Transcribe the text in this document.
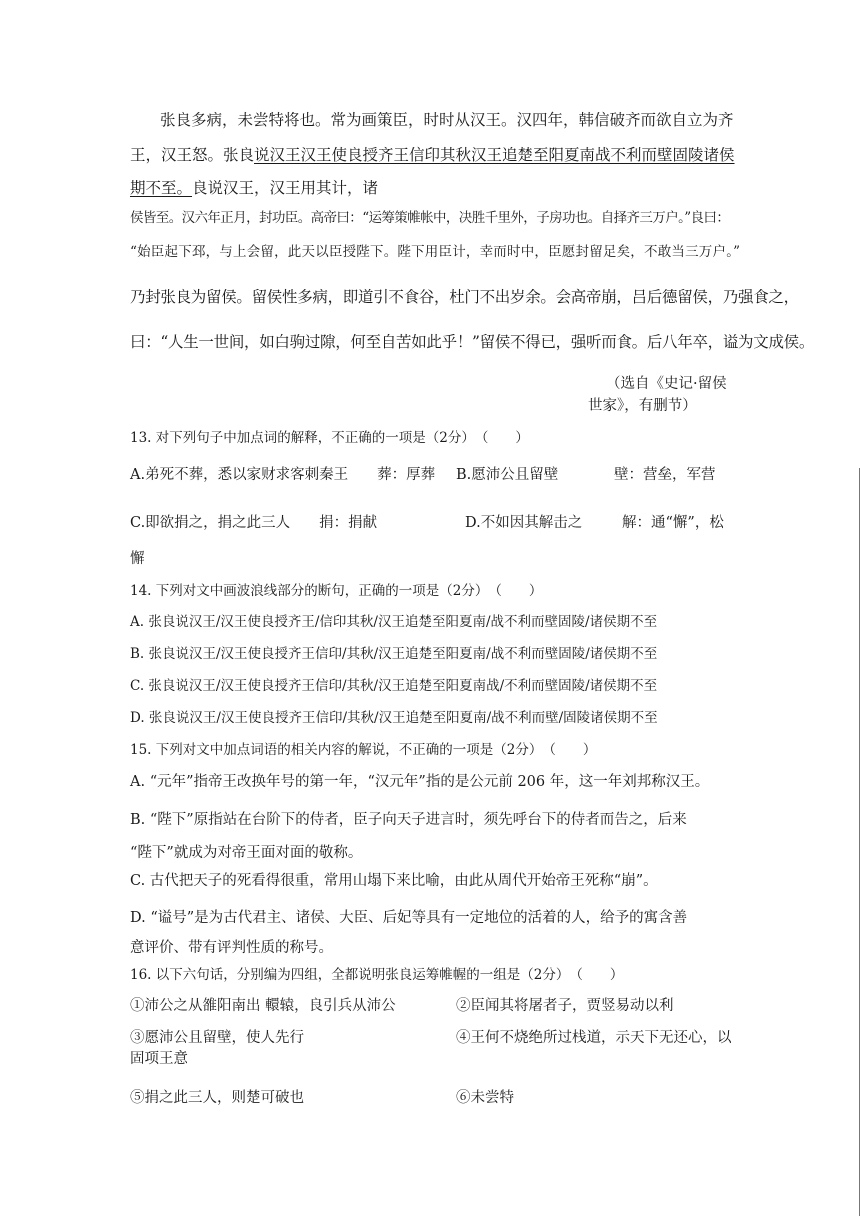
张良多病，未尝特将也。常为画策臣，时时从汉王。汉四年，韩信破齐而欲自立为齐
王，汉王怒。张良说汉王汉王使良授齐王信印其秋汉王追楚至阳夏南战不利而壁固陵诸侯
期不至。良说汉王，汉王用其计，诸
侯皆至。汉六年正月，封功臣。高帝曰：“运筹策帷帐中，决胜千里外，子房功也。自择齐三万户。”良曰：
“始臣起下邳，与上会留，此天以臣授陛下。陛下用臣计，幸而时中，臣愿封留足矣，不敢当三万户。”
乃封张良为留侯。留侯性多病，即道引不食谷，杜门不出岁余。会高帝崩，吕后德留侯，乃强食之，
曰：“人生一世间，如白驹过隙，何至自苦如此乎！”留侯不得已，强听而食。后八年卒，谥为文成侯。
（选自《史记·留侯
世家》，有删节）
13. 对下列句子中加点词的解释，不正确的一项是（2分）　（　　）
A.弟死不葬，悉以家财求客刺秦王　　葬：厚葬 B.愿沛公且留壁	壁：营垒，军营
C.即欲捐之，捐之此三人　　捐：捐献	D.不如因其解击之	解：通“懈”，松
懈
14. 下列对文中画波浪线部分的断句，正确的一项是（2分）　（　　）
A. 张良说汉王/汉王使良授齐王/信印其秋/汉王追楚至阳夏南/战不利而壁固陵/诸侯期不至
B. 张良说汉王/汉王使良授齐王信印/其秋/汉王追楚至阳夏南/战不利而壁固陵/诸侯期不至
C. 张良说汉王/汉王使良授齐王信印/其秋/汉王追楚至阳夏南战/不利而壁固陵/诸侯期不至
D. 张良说汉王/汉王使良授齐王信印/其秋/汉王追楚至阳夏南/战不利而壁/固陵诸侯期不至
15. 下列对文中加点词语的相关内容的解说，不正确的一项是（2分）　（　　）
A. “元年”指帝王改换年号的第一年，“汉元年”指的是公元前 206 年，这一年刘邦称汉王。
B. “陛下”原指站在台阶下的侍者，臣子向天子进言时，须先呼台下的侍者而告之，后来
“陛下”就成为对帝王面对面的敬称。
C. 古代把天子的死看得很重，常用山塌下来比喻，由此从周代开始帝王死称“崩”。
D. “谥号”是为古代君主、诸侯、大臣、后妃等具有一定地位的活着的人，给予的寓含善
意评价、带有评判性质的称号。
16. 以下六句话，分别编为四组，全都说明张良运筹帷幄的一组是（2分）　（　　）
①沛公之从雒阳南出 轘辕，良引兵从沛公	②臣闻其将屠者子，贾竖易动以利
③愿沛公且留壁，使人先行	④王何不烧绝所过栈道，示天下无还心，以
固项王意
⑤捐之此三人，则楚可破也	⑥未尝特
